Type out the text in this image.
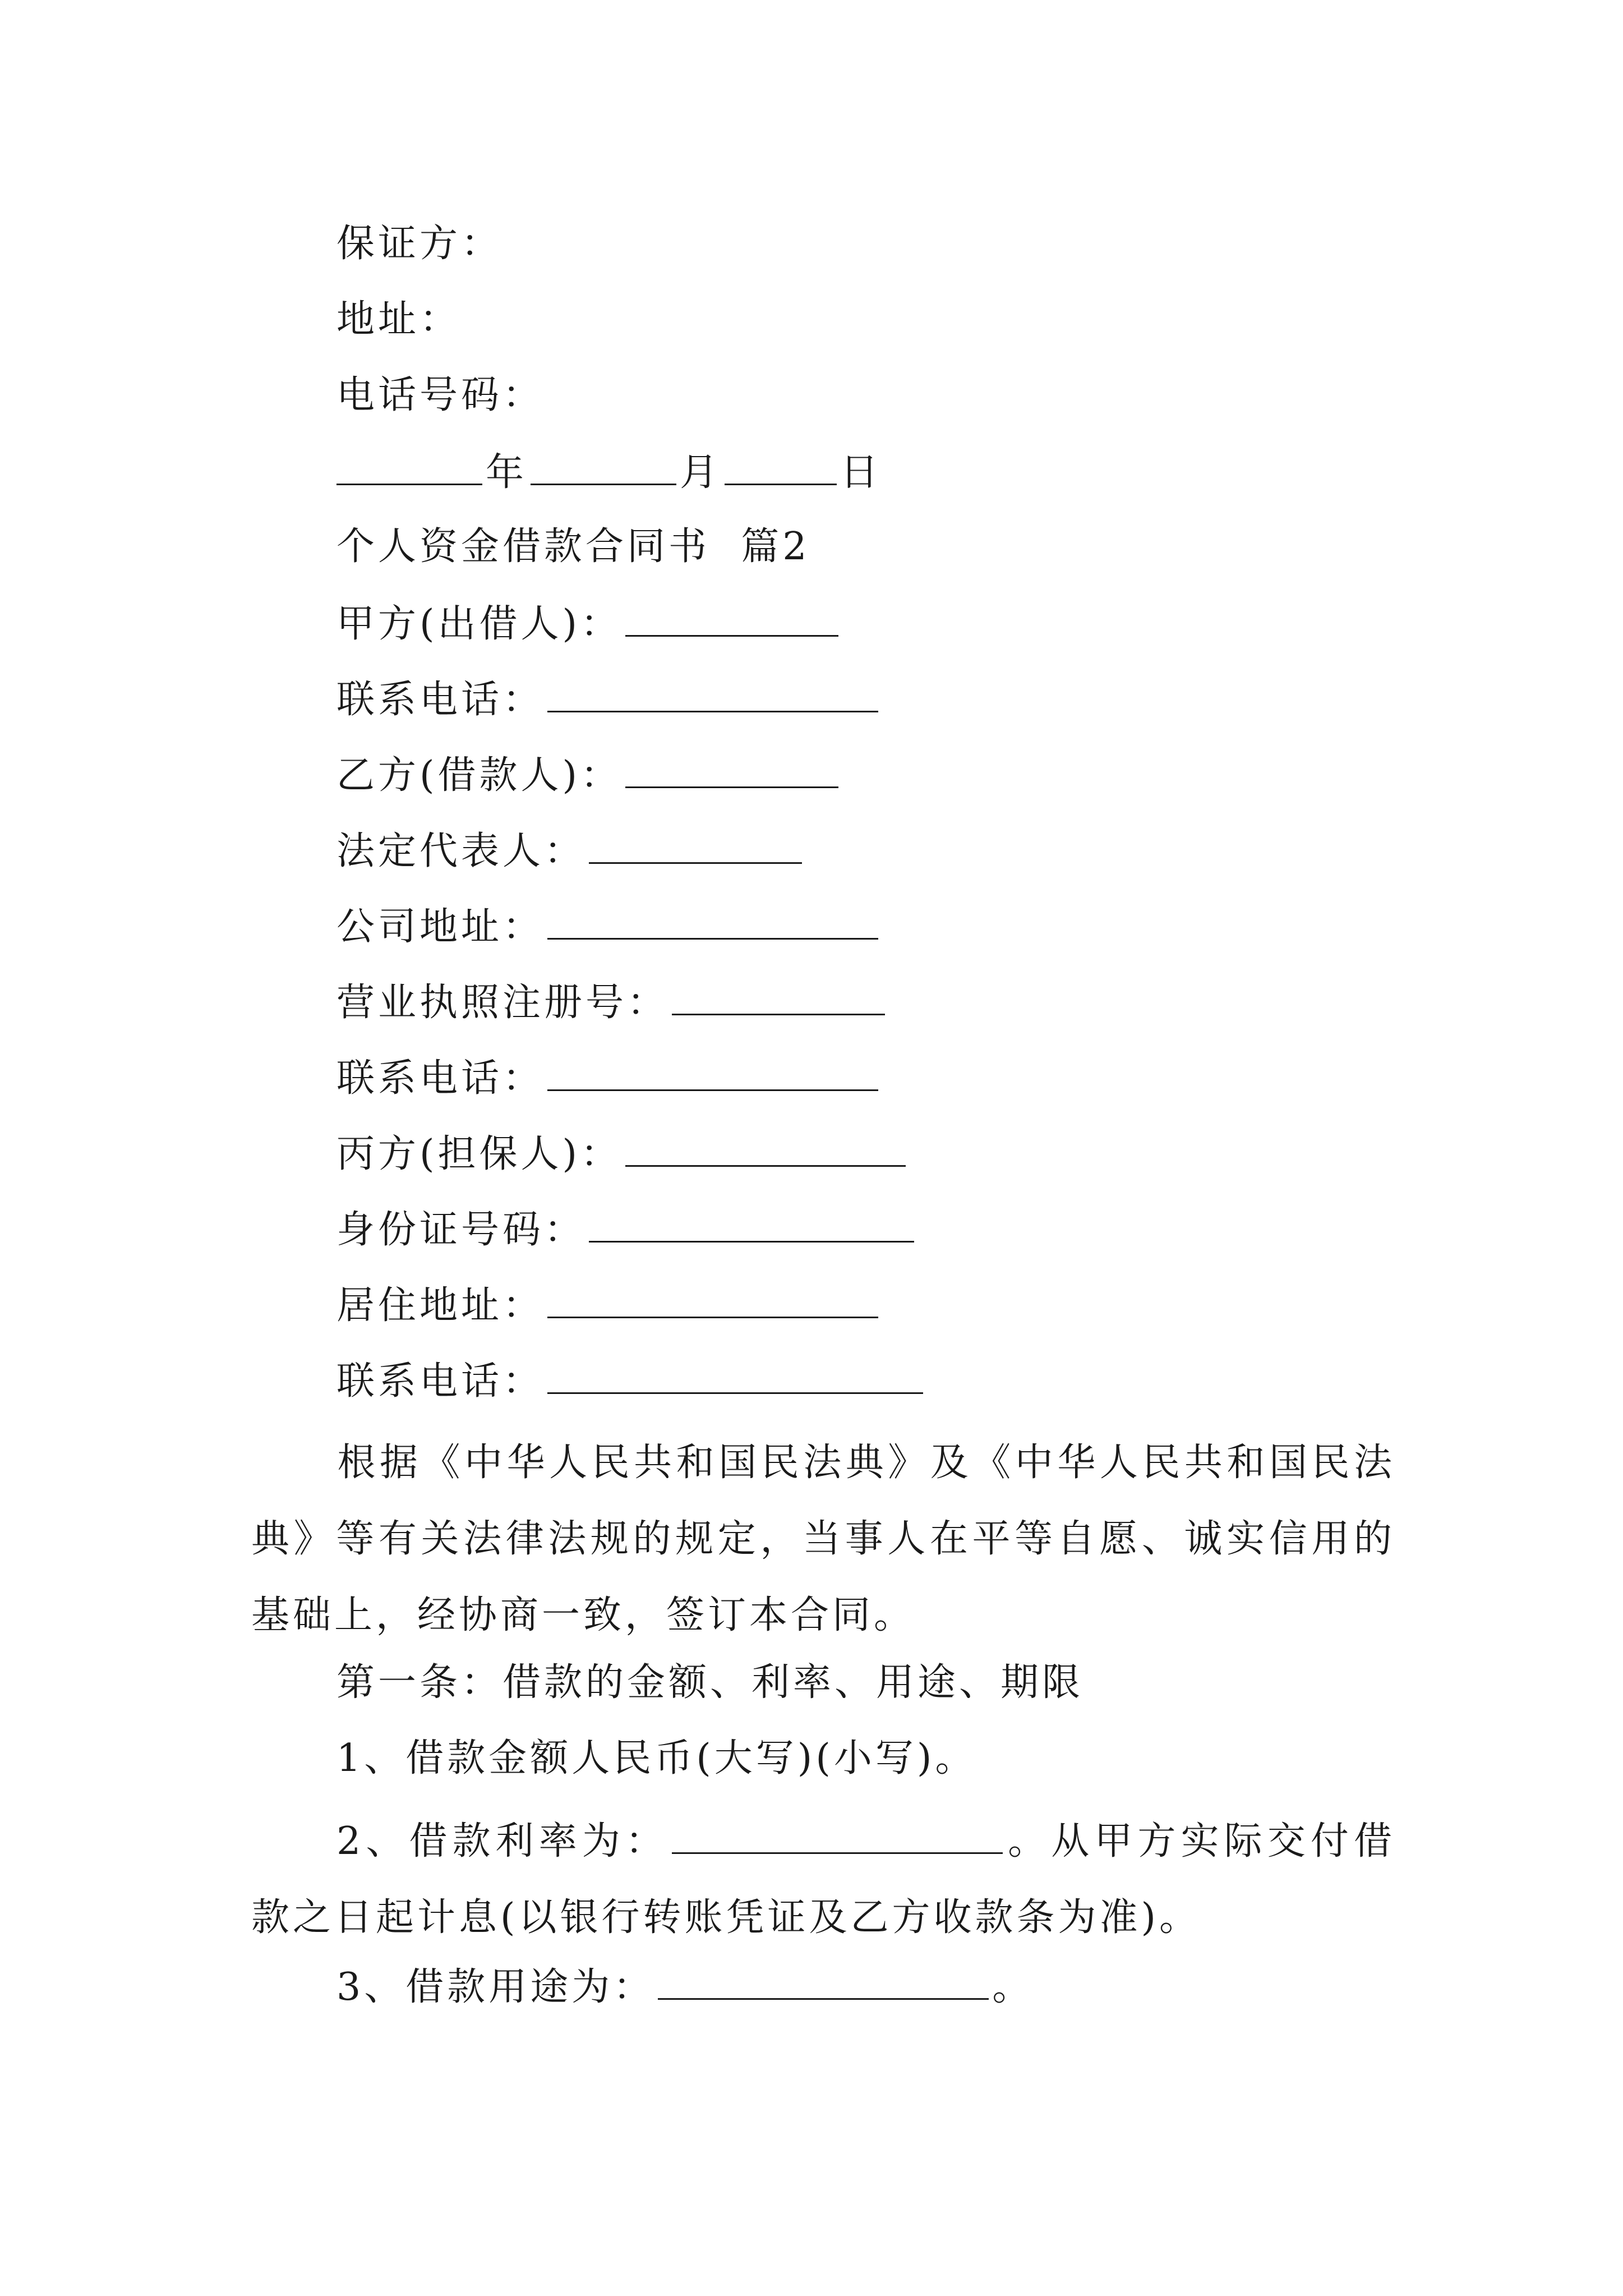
保证方：
地址：
电话号码：
年	月	日
个人资金借款合同书  篇2
甲方(出借人)：
联系电话：
乙方(借款人)：
法定代表人：
公司地址：
营业执照注册号：
联系电话：
丙方(担保人)：
身份证号码：
居住地址：
联系电话：
根据《中华人民共和国民法典》及《中华人民共和国民法典》等有关法律法规的规定，当事人在平等自愿、诚实信用的基础上，经协商一致，签订本合同。
第一条：借款的金额、利率、用途、期限
1、借款金额人民币(大写)(小写)。
2、借款利率为：	。从甲方实际交付借款之日起计息(以银行转账凭证及乙方收款条为准)。
3、借款用途为：	。
